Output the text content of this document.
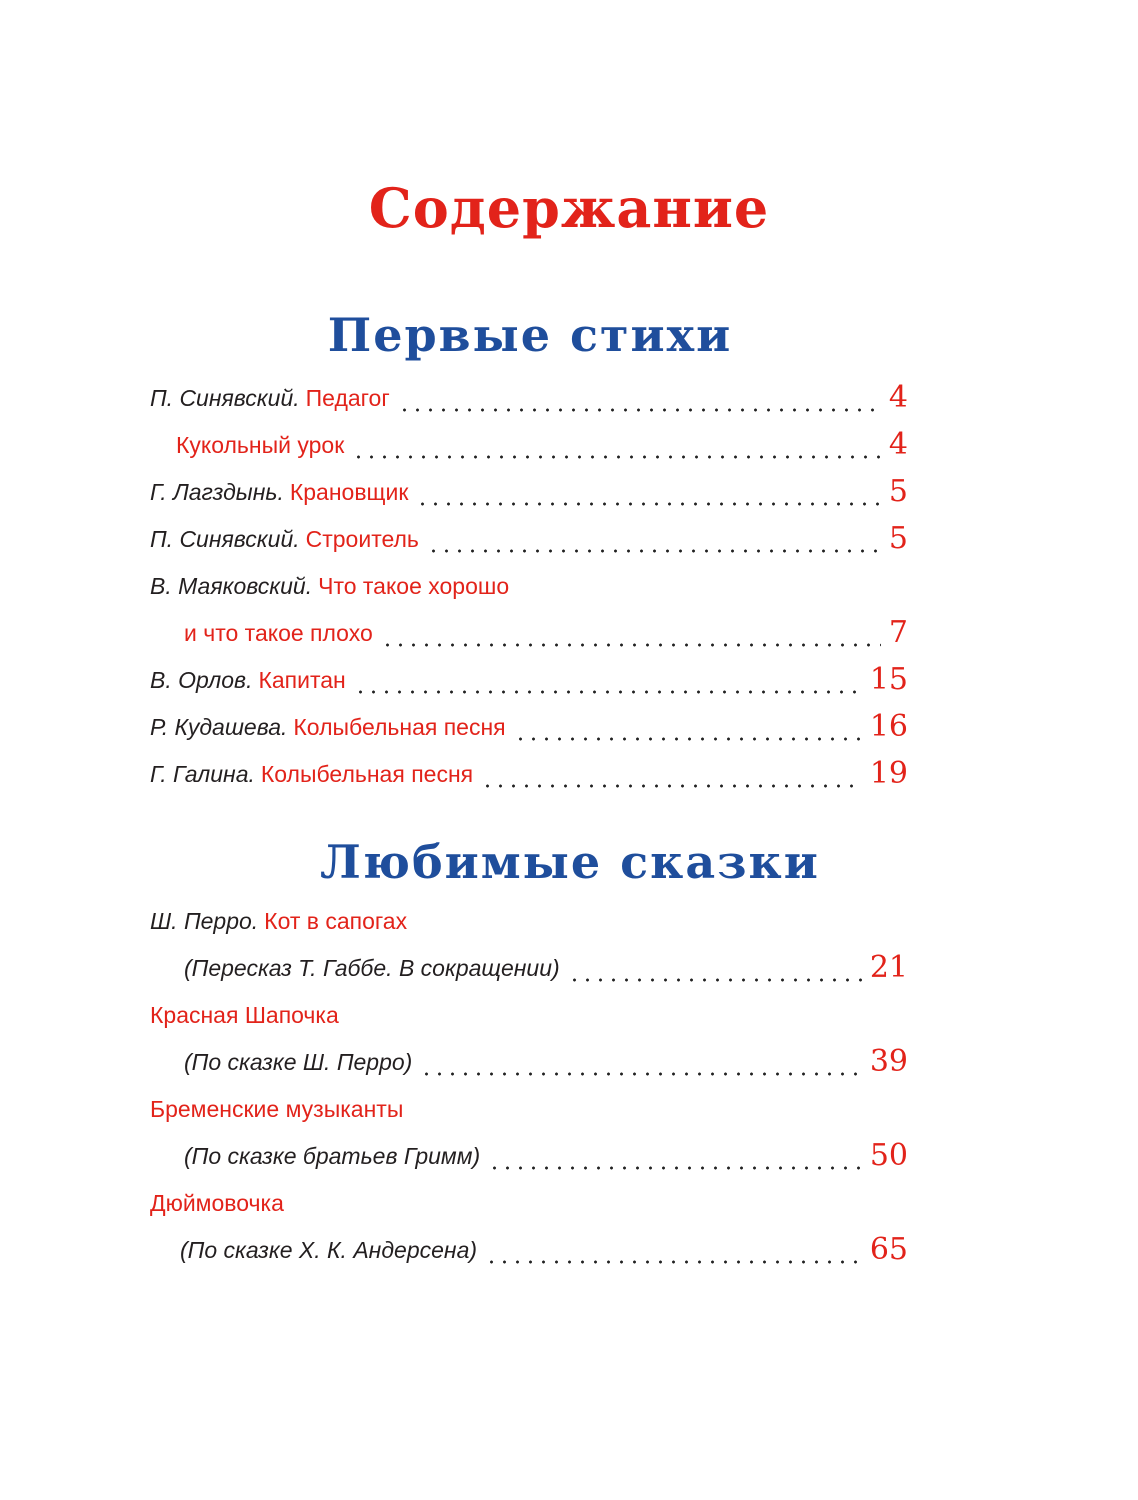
Содержание
Первые стихи
П. Синявский. Педагог	4
Кукольный урок	4
Г. Лагздынь. Крановщик	5
П. Синявский. Строитель	5
В. Маяковский. Что такое хорошо
и что такое плохо	7
В. Орлов. Капитан	15
Р. Кудашева. Колыбельная песня	16
Г. Галина. Колыбельная песня	19
Любимые сказки
Ш. Перро. Кот в сапогах
(Пересказ Т. Габбе. В сокращении)	21
Красная Шапочка
(По сказке Ш. Перро)	39
Бременские музыканты
(По сказке братьев Гримм)	50
Дюймовочка
(По сказке Х. К. Андерсена)	65
